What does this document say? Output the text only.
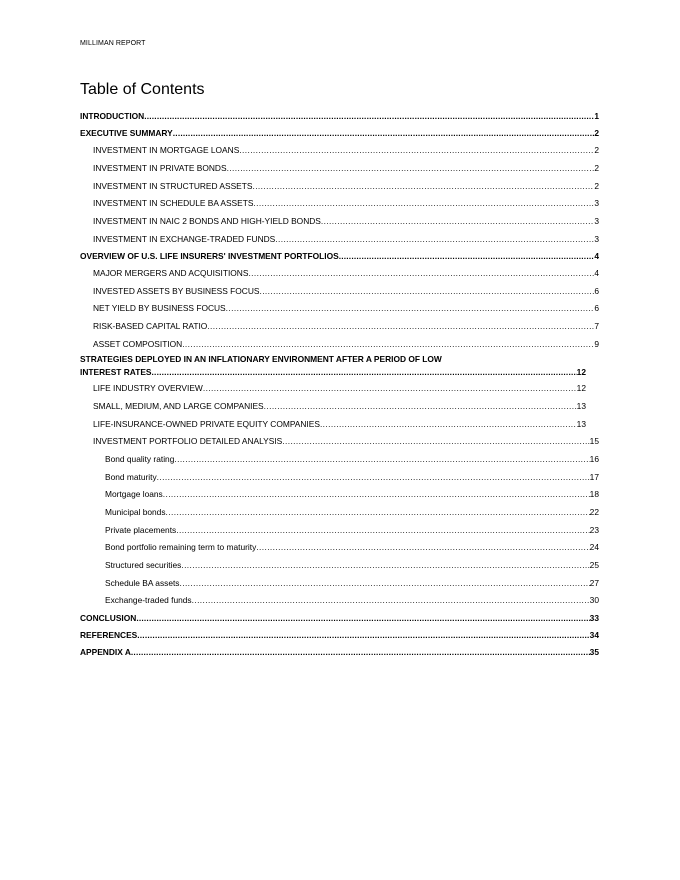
MILLIMAN REPORT
Table of Contents
INTRODUCTION .....	1
EXECUTIVE SUMMARY .....	2
INVESTMENT IN MORTGAGE LOANS .....	2
INVESTMENT IN PRIVATE BONDS .....	2
INVESTMENT IN STRUCTURED ASSETS .....	2
INVESTMENT IN SCHEDULE BA ASSETS .....	3
INVESTMENT IN NAIC 2 BONDS AND HIGH-YIELD BONDS .....	3
INVESTMENT IN EXCHANGE-TRADED FUNDS .....	3
OVERVIEW OF U.S. LIFE INSURERS' INVESTMENT PORTFOLIOS .....	4
MAJOR MERGERS AND ACQUISITIONS .....	4
INVESTED ASSETS BY BUSINESS FOCUS .....	6
NET YIELD BY BUSINESS FOCUS .....	6
RISK-BASED CAPITAL RATIO .....	7
ASSET COMPOSITION .....	9
STRATEGIES DEPLOYED IN AN INFLATIONARY ENVIRONMENT AFTER A PERIOD OF LOW
INTEREST RATES .....	12
LIFE INDUSTRY OVERVIEW .....	12
SMALL, MEDIUM, AND LARGE COMPANIES .....	13
LIFE-INSURANCE-OWNED PRIVATE EQUITY COMPANIES .....	13
INVESTMENT PORTFOLIO DETAILED ANALYSIS .....	15
Bond quality rating .....	16
Bond maturity .....	17
Mortgage loans .....	18
Municipal bonds .....	22
Private placements .....	23
Bond portfolio remaining term to maturity .....	24
Structured securities .....	25
Schedule BA assets .....	27
Exchange-traded funds .....	30
CONCLUSION .....	33
REFERENCES .....	34
APPENDIX A .....	35
